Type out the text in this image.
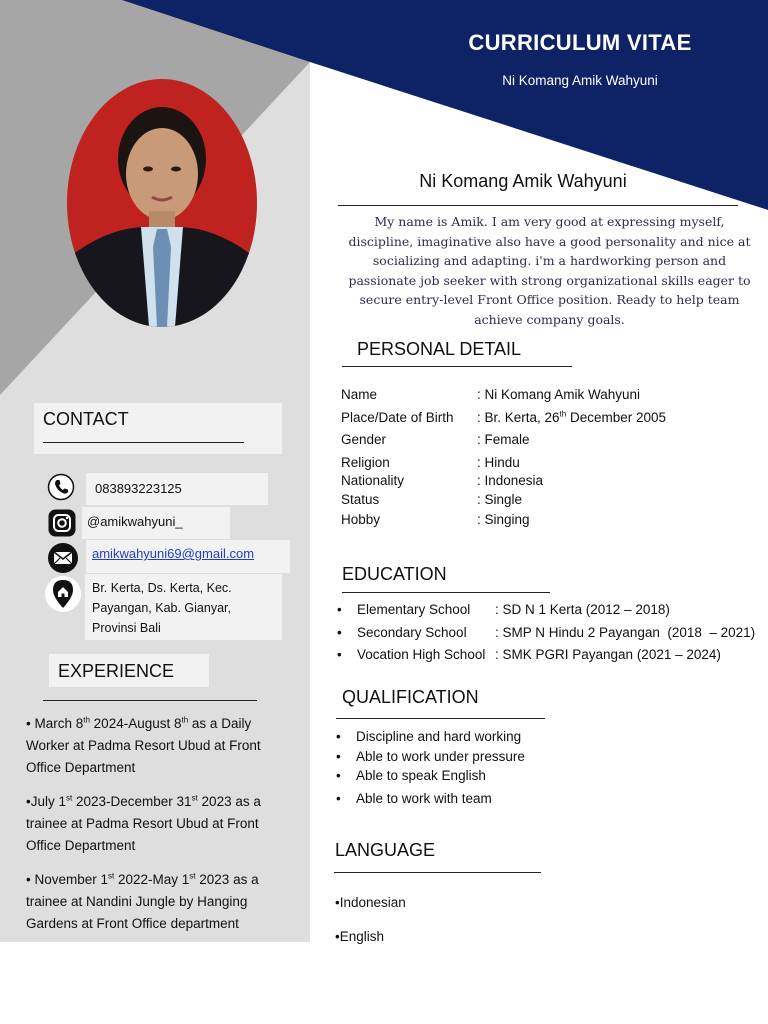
CURRICULUM VITAE
Ni Komang Amik Wahyuni
Ni Komang Amik Wahyuni
My name is Amik. I am very good at expressing myself, discipline, imaginative also have a good personality and nice at socializing and adapting. i'm a hardworking person and passionate job seeker with strong organizational skills eager to secure entry-level Front Office position. Ready to help team achieve company goals.
PERSONAL DETAIL
Name	: Ni Komang Amik Wahyuni
Place/Date of Birth	: Br. Kerta, 26th December 2005
Gender	: Female
Religion	: Hindu
Nationality	: Indonesia
Status	: Single
Hobby	: Singing
EDUCATION
•	Elementary School	: SD N 1 Kerta (2012 – 2018)
•	Secondary School	: SMP N Hindu 2 Payangan  (2018  – 2021)
•	Vocation High School : SMK PGRI Payangan (2021 – 2024)
QUALIFICATION
•	Discipline and hard working
•	Able to work under pressure
•	Able to speak English
•	Able to work with team
LANGUAGE
•Indonesian
•English
CONTACT
083893223125
@amikwahyuni_
amikwahyuni69@gmail.com
Br. Kerta, Ds. Kerta, Kec. Payangan, Kab. Gianyar, Provinsi Bali
EXPERIENCE
• March 8th 2024-August 8th as a Daily Worker at Padma Resort Ubud at Front Office Department
•July 1st 2023-December 31st 2023 as a trainee at Padma Resort Ubud at Front Office Department
• November 1st 2022-May 1st 2023 as a trainee at Nandini Jungle by Hanging Gardens at Front Office department
